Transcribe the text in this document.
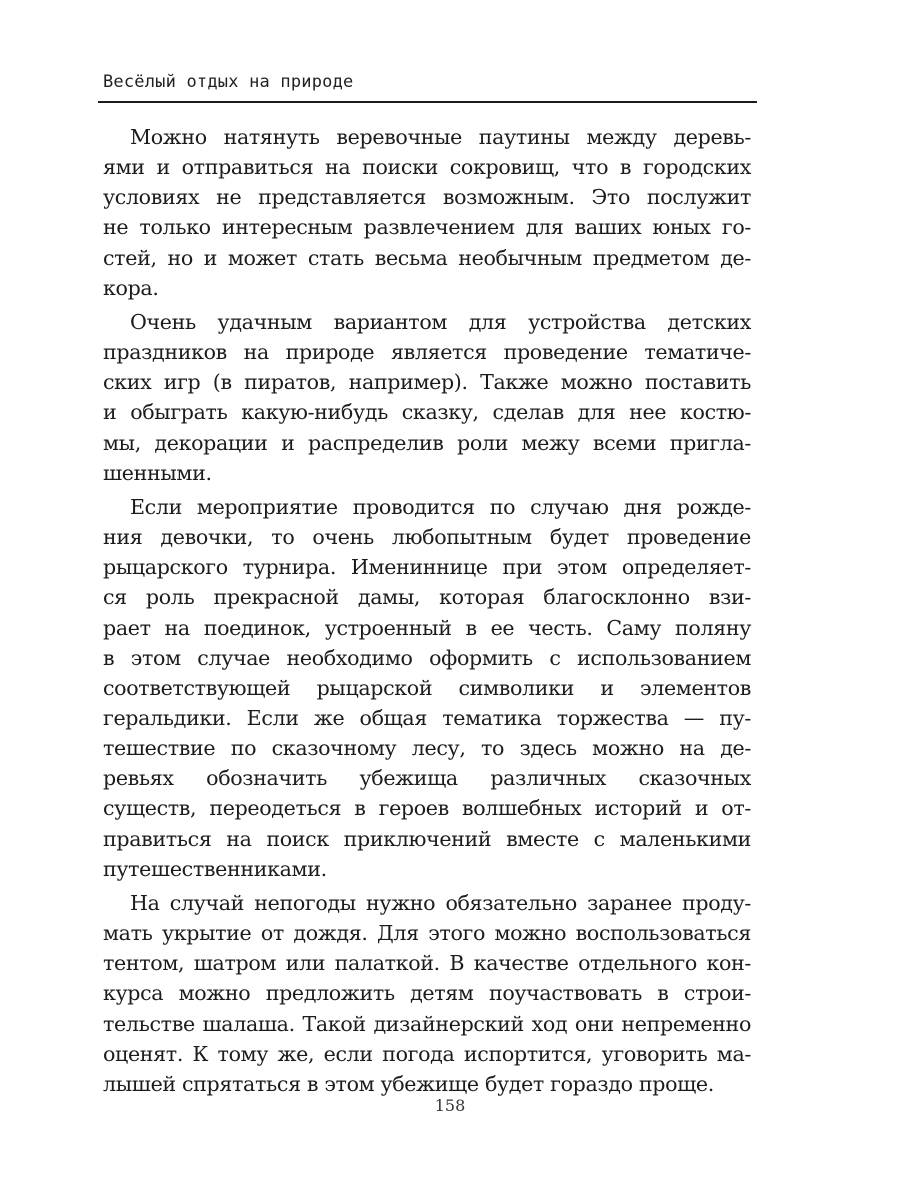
Весёлый отдых на природе
Можно натянуть веревочные паутины между деревь-
ями и отправиться на поиски сокровищ, что в городских
условиях не представляется возможным. Это послужит
не только интересным развлечением для ваших юных го-
стей, но и может стать весьма необычным предметом де-
кора.
Очень удачным вариантом для устройства детских
праздников на природе является проведение тематиче-
ских игр (в пиратов, например). Также можно поставить
и обыграть какую-нибудь сказку, сделав для нее костю-
мы, декорации и распределив роли межу всеми пригла-
шенными.
Если мероприятие проводится по случаю дня рожде-
ния девочки, то очень любопытным будет проведение
рыцарского турнира. Имениннице при этом определяет-
ся роль прекрасной дамы, которая благосклонно взи-
рает на поединок, устроенный в ее честь. Саму поляну
в этом случае необходимо оформить с использованием
соответствующей рыцарской символики и элементов
геральдики. Если же общая тематика торжества — пу-
тешествие по сказочному лесу, то здесь можно на де-
ревьях обозначить убежища различных сказочных
существ, переодеться в героев волшебных историй и от-
правиться на поиск приключений вместе с маленькими
путешественниками.
На случай непогоды нужно обязательно заранее проду-
мать укрытие от дождя. Для этого можно воспользоваться
тентом, шатром или палаткой. В качестве отдельного кон-
курса можно предложить детям поучаствовать в строи-
тельстве шалаша. Такой дизайнерский ход они непременно
оценят. К тому же, если погода испортится, уговорить ма-
лышей спрятаться в этом убежище будет гораздо проще.
158
